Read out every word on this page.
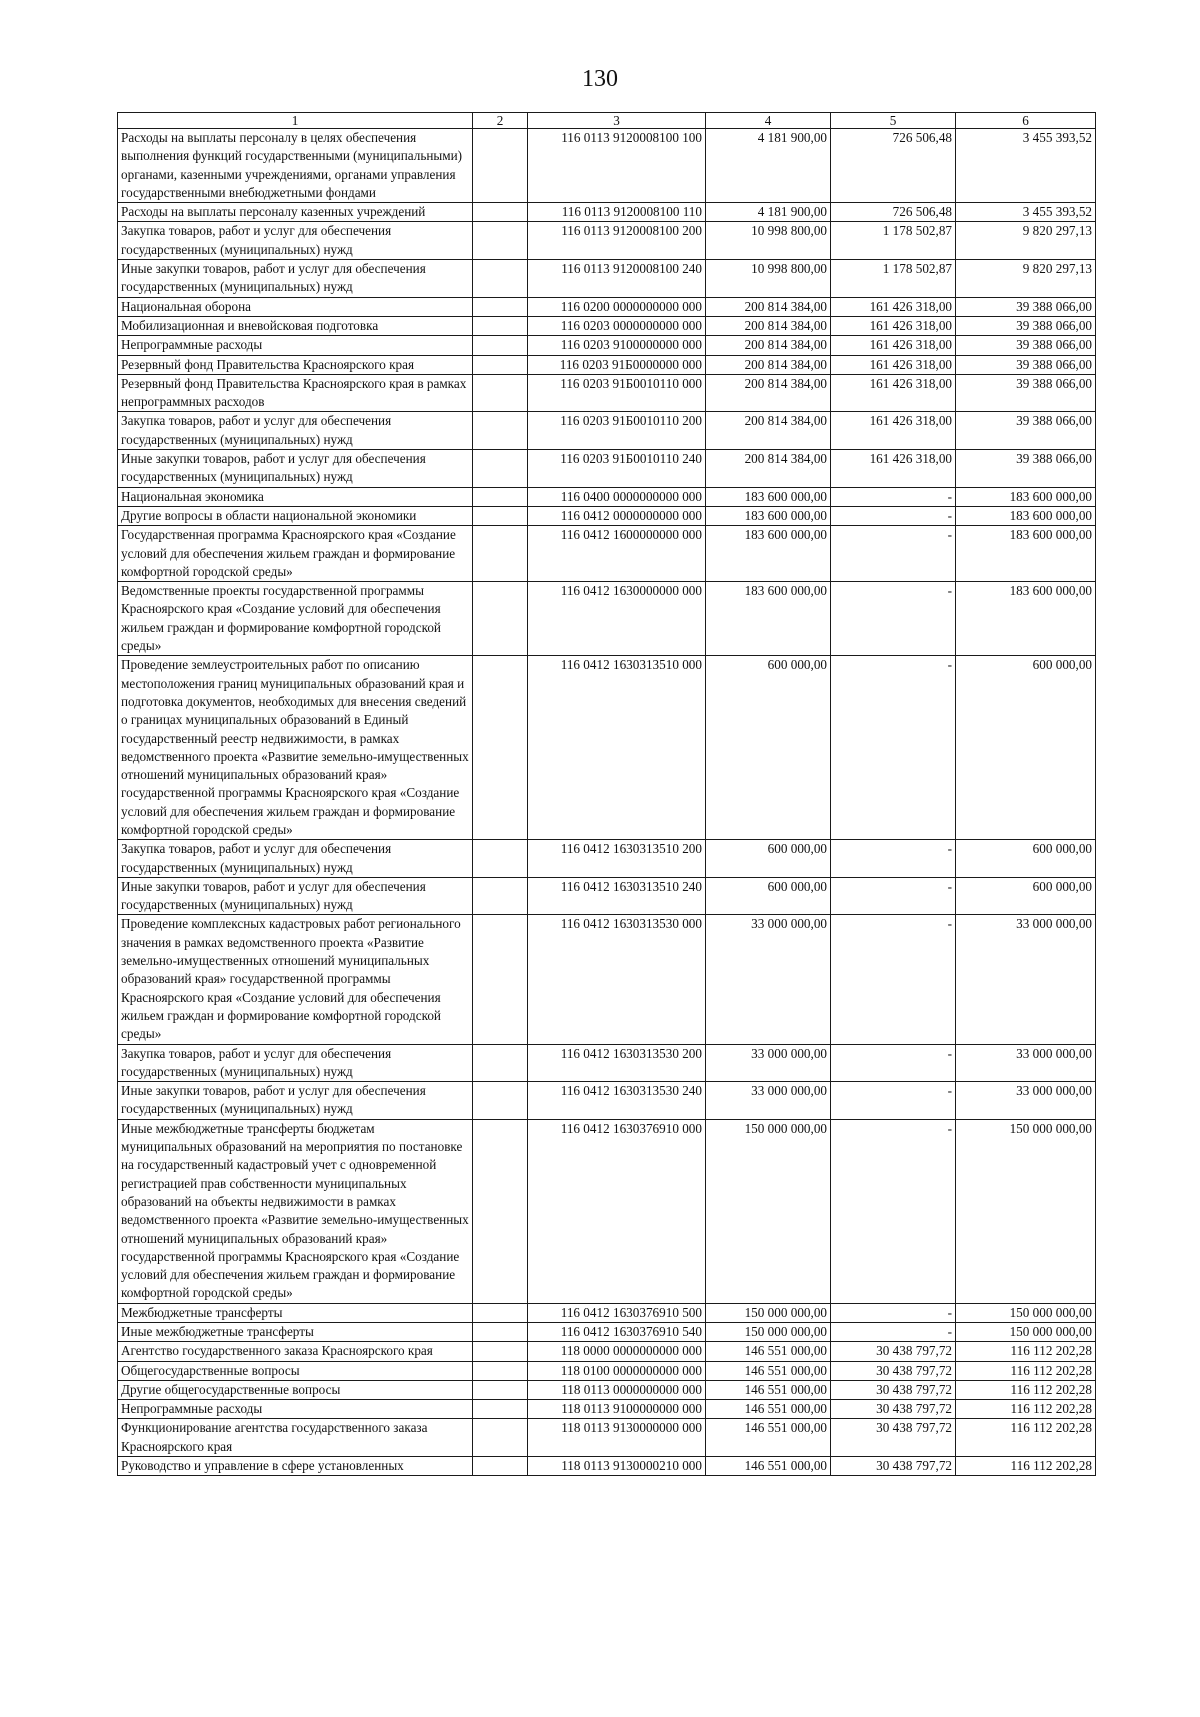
130
1	2	3	4	5	6
Расходы на выплаты персоналу в целях обеспечения выполнения функций государственными (муниципальными) органами, казенными учреждениями, органами управления государственными внебюджетными фондами		116 0113 9120008100 100	4 181 900,00	726 506,48	3 455 393,52
Расходы на выплаты персоналу казенных учреждений		116 0113 9120008100 110	4 181 900,00	726 506,48	3 455 393,52
Закупка товаров, работ и услуг для обеспечения государственных (муниципальных) нужд		116 0113 9120008100 200	10 998 800,00	1 178 502,87	9 820 297,13
Иные закупки товаров, работ и услуг для обеспечения государственных (муниципальных) нужд		116 0113 9120008100 240	10 998 800,00	1 178 502,87	9 820 297,13
Национальная оборона		116 0200 0000000000 000	200 814 384,00	161 426 318,00	39 388 066,00
Мобилизационная и вневойсковая подготовка		116 0203 0000000000 000	200 814 384,00	161 426 318,00	39 388 066,00
Непрограммные расходы		116 0203 9100000000 000	200 814 384,00	161 426 318,00	39 388 066,00
Резервный фонд Правительства Красноярского края		116 0203 91Б0000000 000	200 814 384,00	161 426 318,00	39 388 066,00
Резервный фонд Правительства Красноярского края в рамках непрограммных расходов		116 0203 91Б0010110 000	200 814 384,00	161 426 318,00	39 388 066,00
Закупка товаров, работ и услуг для обеспечения государственных (муниципальных) нужд		116 0203 91Б0010110 200	200 814 384,00	161 426 318,00	39 388 066,00
Иные закупки товаров, работ и услуг для обеспечения государственных (муниципальных) нужд		116 0203 91Б0010110 240	200 814 384,00	161 426 318,00	39 388 066,00
Национальная экономика		116 0400 0000000000 000	183 600 000,00	-	183 600 000,00
Другие вопросы в области национальной экономики		116 0412 0000000000 000	183 600 000,00	-	183 600 000,00
Государственная программа Красноярского края «Создание условий для обеспечения жильем граждан и формирование комфортной городской среды»		116 0412 1600000000 000	183 600 000,00	-	183 600 000,00
Ведомственные проекты государственной программы Красноярского края «Создание условий для обеспечения жильем граждан и формирование комфортной городской среды»		116 0412 1630000000 000	183 600 000,00	-	183 600 000,00
Проведение землеустроительных работ по описанию местоположения границ муниципальных образований края и подготовка документов, необходимых для внесения сведений о границах муниципальных образований в Единый государственный реестр недвижимости, в рамках ведомственного проекта «Развитие земельно-имущественных отношений муниципальных образований края» государственной программы Красноярского края «Создание условий для обеспечения жильем граждан и формирование комфортной городской среды»		116 0412 1630313510 000	600 000,00	-	600 000,00
Закупка товаров, работ и услуг для обеспечения государственных (муниципальных) нужд		116 0412 1630313510 200	600 000,00	-	600 000,00
Иные закупки товаров, работ и услуг для обеспечения государственных (муниципальных) нужд		116 0412 1630313510 240	600 000,00	-	600 000,00
Проведение комплексных кадастровых работ регионального значения в рамках ведомственного проекта «Развитие земельно-имущественных отношений муниципальных образований края» государственной программы Красноярского края «Создание условий для обеспечения жильем граждан и формирование комфортной городской среды»		116 0412 1630313530 000	33 000 000,00	-	33 000 000,00
Закупка товаров, работ и услуг для обеспечения государственных (муниципальных) нужд		116 0412 1630313530 200	33 000 000,00	-	33 000 000,00
Иные закупки товаров, работ и услуг для обеспечения государственных (муниципальных) нужд		116 0412 1630313530 240	33 000 000,00	-	33 000 000,00
Иные межбюджетные трансферты бюджетам муниципальных образований на мероприятия по постановке на государственный кадастровый учет с одновременной регистрацией прав собственности муниципальных образований на объекты недвижимости в рамках ведомственного проекта «Развитие земельно-имущественных отношений муниципальных образований края» государственной программы Красноярского края «Создание условий для обеспечения жильем граждан и формирование комфортной городской среды»		116 0412 1630376910 000	150 000 000,00	-	150 000 000,00
Межбюджетные трансферты		116 0412 1630376910 500	150 000 000,00	-	150 000 000,00
Иные межбюджетные трансферты		116 0412 1630376910 540	150 000 000,00	-	150 000 000,00
Агентство государственного заказа Красноярского края		118 0000 0000000000 000	146 551 000,00	30 438 797,72	116 112 202,28
Общегосударственные вопросы		118 0100 0000000000 000	146 551 000,00	30 438 797,72	116 112 202,28
Другие общегосударственные вопросы		118 0113 0000000000 000	146 551 000,00	30 438 797,72	116 112 202,28
Непрограммные расходы		118 0113 9100000000 000	146 551 000,00	30 438 797,72	116 112 202,28
Функционирование агентства государственного заказа Красноярского края		118 0113 9130000000 000	146 551 000,00	30 438 797,72	116 112 202,28
Руководство и управление в сфере установленных		118 0113 9130000210 000	146 551 000,00	30 438 797,72	116 112 202,28
